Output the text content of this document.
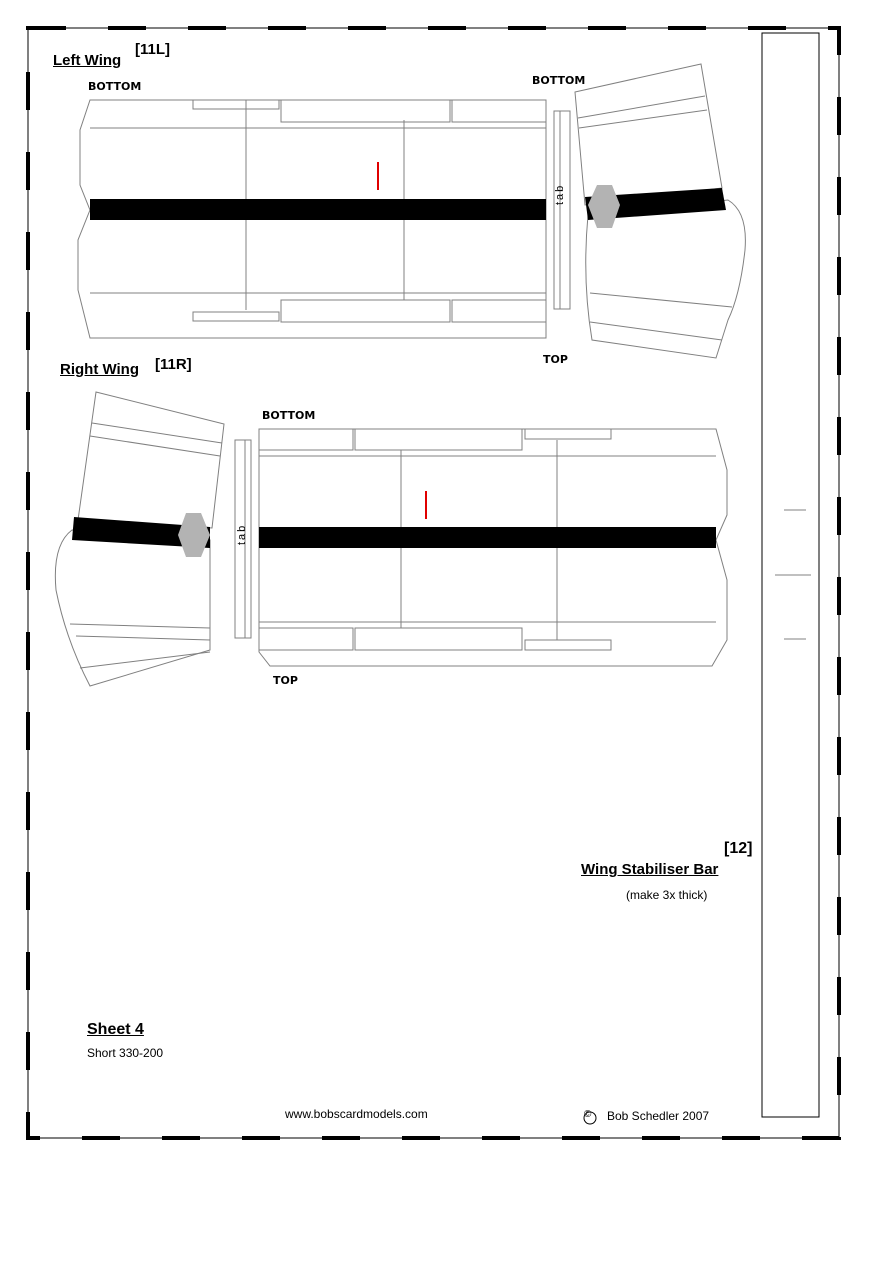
Left Wing
[11L]
BOTTOM	BOTTOM
TOP
tab
Right Wing [11R]
BOTTOM
TOP
tab
[12]
Wing Stabiliser Bar
(make 3x thick)
Sheet 4
Short 330-200
www.bobscardmodels.com	© Bob Schedler 2007
